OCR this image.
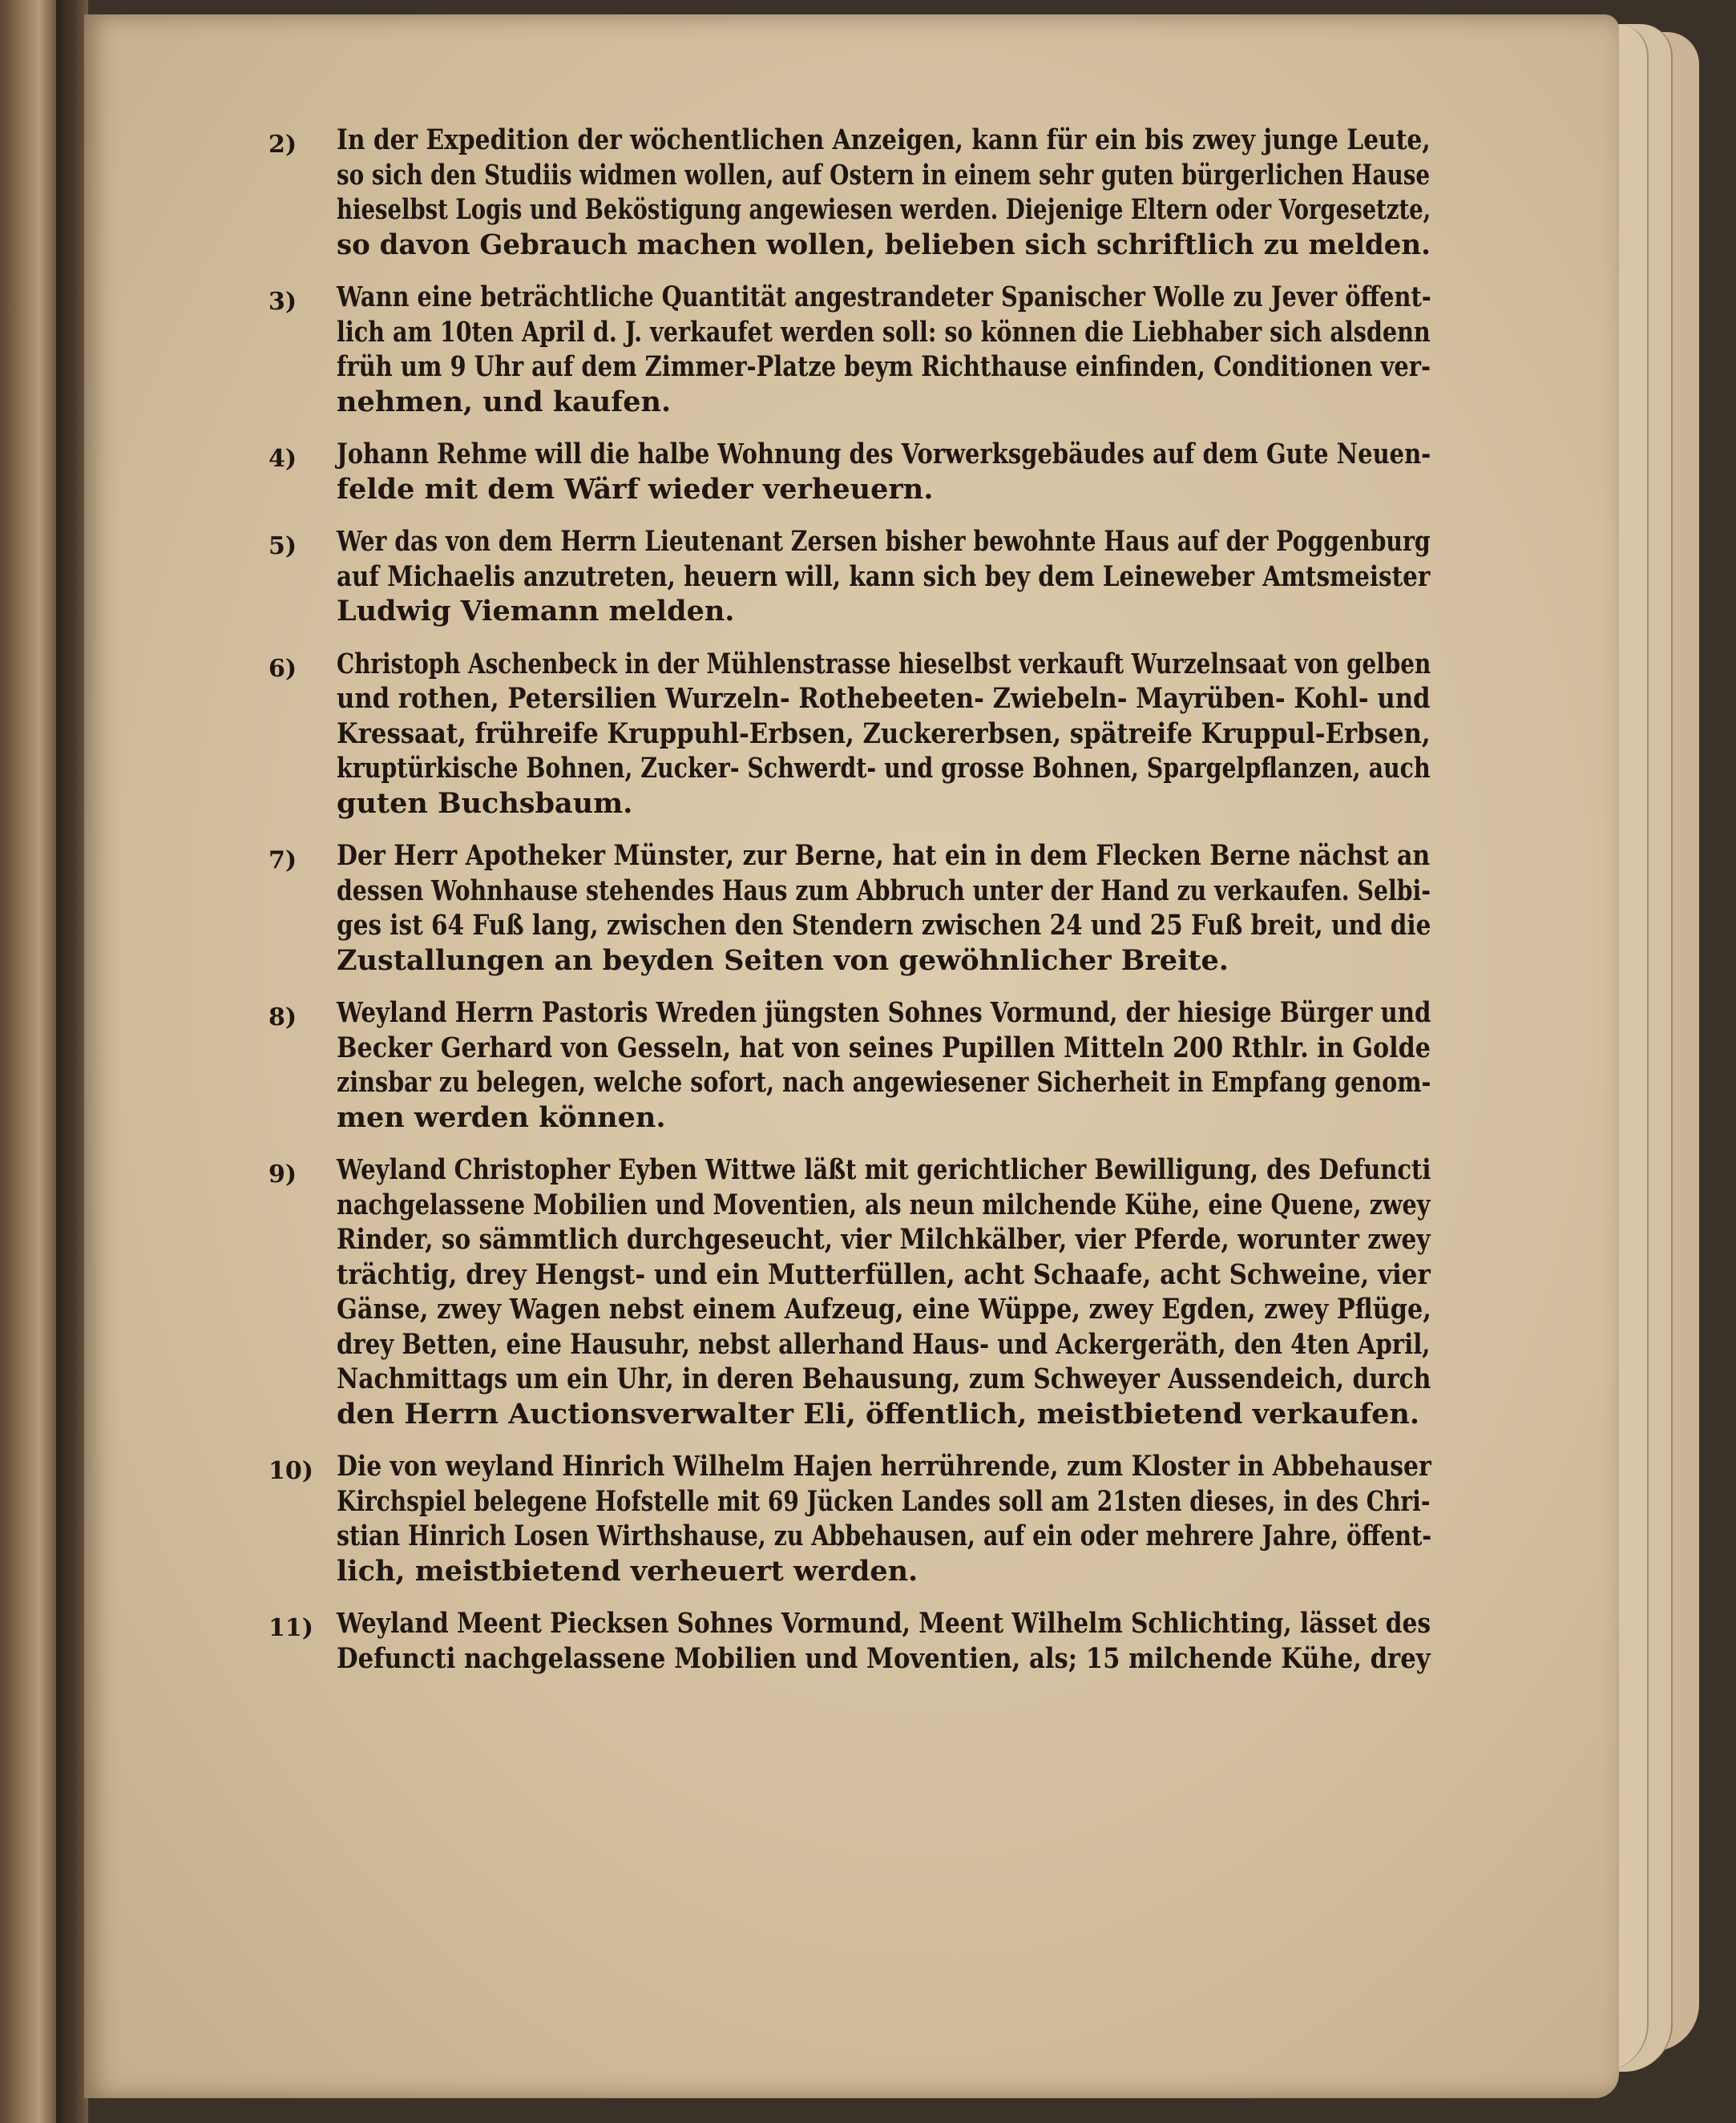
2) In der Expedition der wöchentlichen Anzeigen, kann für ein bis zwey junge Leute,
so sich den Studiis widmen wollen, auf Ostern in einem sehr guten bürgerlichen Hause
hieselbst Logis und Beköstigung angewiesen werden. Diejenige Eltern oder Vorgesetzte,
so davon Gebrauch machen wollen, belieben sich schriftlich zu melden.
3) Wann eine beträchtliche Quantität angestrandeter Spanischer Wolle zu Jever öffent-
lich am 10ten April d. J. verkaufet werden soll: so können die Liebhaber sich alsdenn
früh um 9 Uhr auf dem Zimmer-Platze beym Richthause einfinden, Conditionen ver-
nehmen, und kaufen.
4) Johann Rehme will die halbe Wohnung des Vorwerksgebäudes auf dem Gute Neuen-
felde mit dem Wärf wieder verheuern.
5) Wer das von dem Herrn Lieutenant Zersen bisher bewohnte Haus auf der Poggenburg
auf Michaelis anzutreten, heuern will, kann sich bey dem Leineweber Amtsmeister
Ludwig Viemann melden.
6) Christoph Aschenbeck in der Mühlenstrasse hieselbst verkauft Wurzelnsaat von gelben
und rothen, Petersilien Wurzeln- Rothebeeten- Zwiebeln- Mayrüben- Kohl- und
Kressaat, frühreife Kruppuhl-Erbsen, Zuckererbsen, spätreife Kruppul-Erbsen,
kruptürkische Bohnen, Zucker- Schwerdt- und grosse Bohnen, Spargelpflanzen, auch
guten Buchsbaum.
7) Der Herr Apotheker Münster, zur Berne, hat ein in dem Flecken Berne nächst an
dessen Wohnhause stehendes Haus zum Abbruch unter der Hand zu verkaufen. Selbi-
ges ist 64 Fuß lang, zwischen den Stendern zwischen 24 und 25 Fuß breit, und die
Zustallungen an beyden Seiten von gewöhnlicher Breite.
8) Weyland Herrn Pastoris Wreden jüngsten Sohnes Vormund, der hiesige Bürger und
Becker Gerhard von Gesseln, hat von seines Pupillen Mitteln 200 Rthlr. in Golde
zinsbar zu belegen, welche sofort, nach angewiesener Sicherheit in Empfang genom-
men werden können.
9) Weyland Christopher Eyben Wittwe läßt mit gerichtlicher Bewilligung, des Defuncti
nachgelassene Mobilien und Moventien, als neun milchende Kühe, eine Quene, zwey
Rinder, so sämmtlich durchgeseucht, vier Milchkälber, vier Pferde, worunter zwey
trächtig, drey Hengst- und ein Mutterfüllen, acht Schaafe, acht Schweine, vier
Gänse, zwey Wagen nebst einem Aufzeug, eine Wüppe, zwey Egden, zwey Pflüge,
drey Betten, eine Hausuhr, nebst allerhand Haus- und Ackergeräth, den 4ten April,
Nachmittags um ein Uhr, in deren Behausung, zum Schweyer Aussendeich, durch
den Herrn Auctionsverwalter Eli, öffentlich, meistbietend verkaufen.
10) Die von weyland Hinrich Wilhelm Hajen herrührende, zum Kloster in Abbehauser
Kirchspiel belegene Hofstelle mit 69 Jücken Landes soll am 21sten dieses, in des Chri-
stian Hinrich Losen Wirthshause, zu Abbehausen, auf ein oder mehrere Jahre, öffent-
lich, meistbietend verheuert werden.
11) Weyland Meent Piecksen Sohnes Vormund, Meent Wilhelm Schlichting, lässet des
Defuncti nachgelassene Mobilien und Moventien, als; 15 milchende Kühe, drey
